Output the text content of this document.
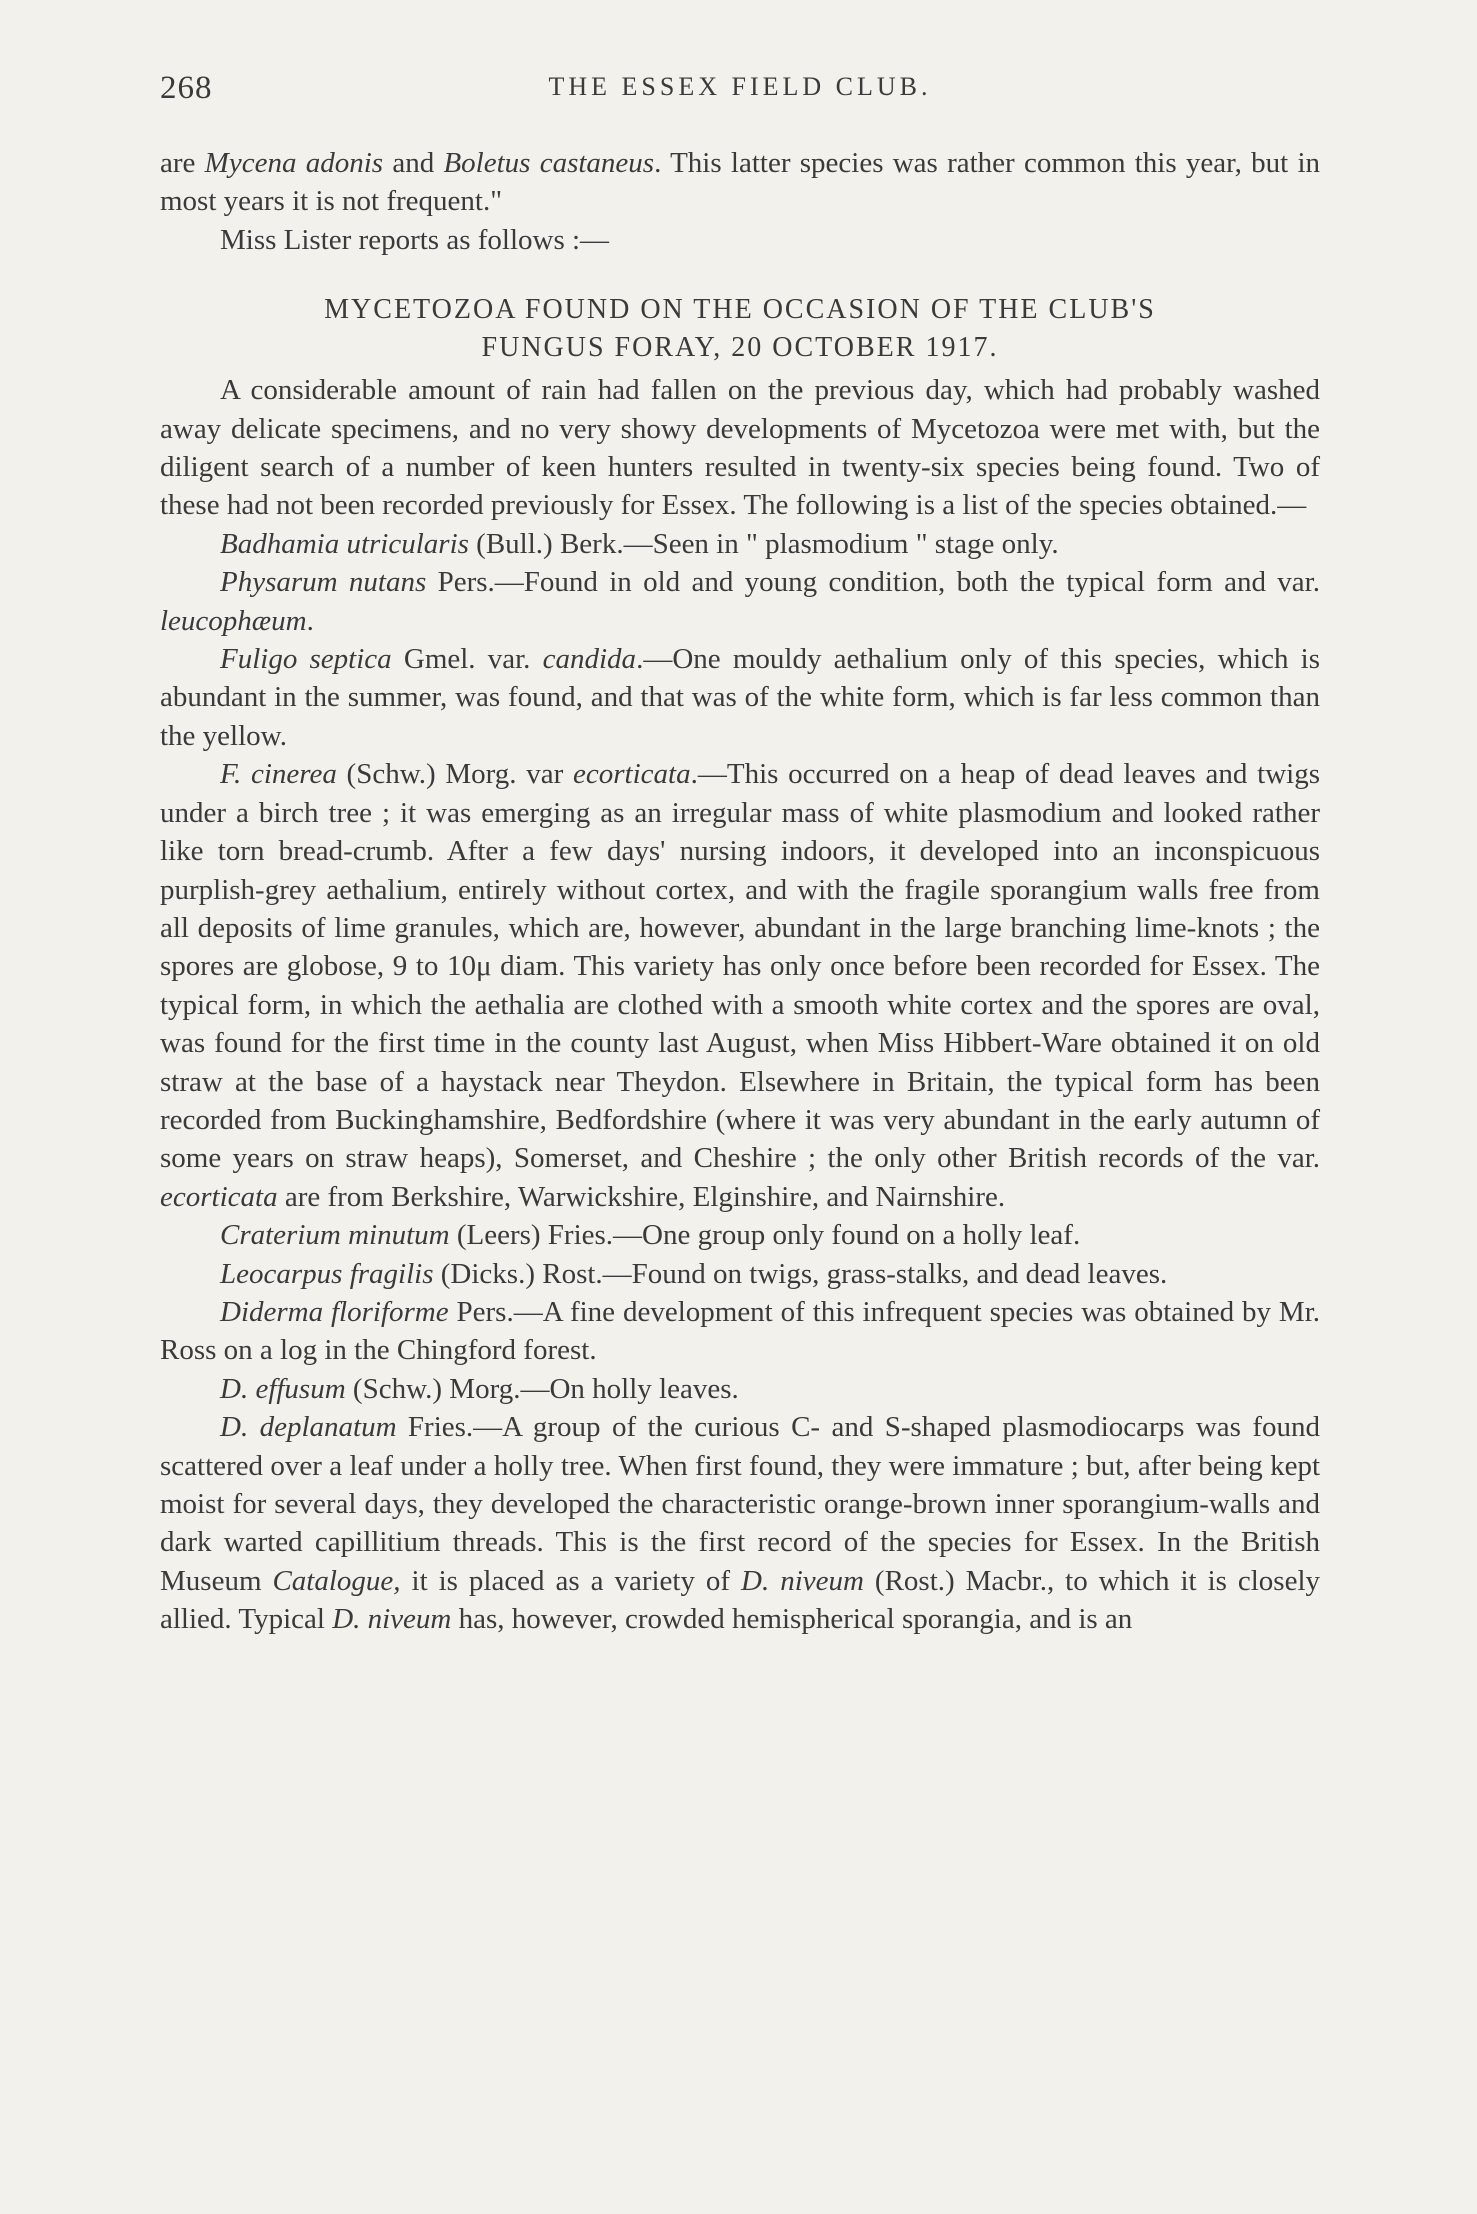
268	THE ESSEX FIELD CLUB.

are Mycena adonis and Boletus castaneus. This latter species was rather common this year, but in most years it is not frequent."

Miss Lister reports as follows :—

MYCETOZOA FOUND ON THE OCCASION OF THE CLUB'S
FUNGUS FORAY, 20 OCTOBER 1917.

A considerable amount of rain had fallen on the previous day, which had probably washed away delicate specimens, and no very showy developments of Mycetozoa were met with, but the diligent search of a number of keen hunters resulted in twenty-six species being found. Two of these had not been recorded previously for Essex. The following is a list of the species obtained.—

Badhamia utricularis (Bull.) Berk.—Seen in " plasmodium " stage only.

Physarum nutans Pers.—Found in old and young condition, both the typical form and var. leucophæum.

Fuligo septica Gmel. var. candida.—One mouldy aethalium only of this species, which is abundant in the summer, was found, and that was of the white form, which is far less common than the yellow.

F. cinerea (Schw.) Morg. var ecorticata.—This occurred on a heap of dead leaves and twigs under a birch tree ; it was emerging as an irregular mass of white plasmodium and looked rather like torn bread-crumb. After a few days' nursing indoors, it developed into an inconspicuous purplish-grey aethalium, entirely without cortex, and with the fragile sporangium walls free from all deposits of lime granules, which are, however, abundant in the large branching lime-knots ; the spores are globose, 9 to 10μ diam. This variety has only once before been recorded for Essex. The typical form, in which the aethalia are clothed with a smooth white cortex and the spores are oval, was found for the first time in the county last August, when Miss Hibbert-Ware obtained it on old straw at the base of a haystack near Theydon. Elsewhere in Britain, the typical form has been recorded from Buckinghamshire, Bedfordshire (where it was very abundant in the early autumn of some years on straw heaps), Somerset, and Cheshire ; the only other British records of the var. ecorticata are from Berkshire, Warwickshire, Elginshire, and Nairnshire.

Craterium minutum (Leers) Fries.—One group only found on a holly leaf.

Leocarpus fragilis (Dicks.) Rost.—Found on twigs, grass-stalks, and dead leaves.

Diderma floriforme Pers.—A fine development of this infrequent species was obtained by Mr. Ross on a log in the Chingford forest.

D. effusum (Schw.) Morg.—On holly leaves.

D. deplanatum Fries.—A group of the curious C- and S-shaped plasmodiocarps was found scattered over a leaf under a holly tree. When first found, they were immature ; but, after being kept moist for several days, they developed the characteristic orange-brown inner sporangium-walls and dark warted capillitium threads. This is the first record of the species for Essex. In the British Museum Catalogue, it is placed as a variety of D. niveum (Rost.) Macbr., to which it is closely allied. Typical D. niveum has, however, crowded hemispherical sporangia, and is an
